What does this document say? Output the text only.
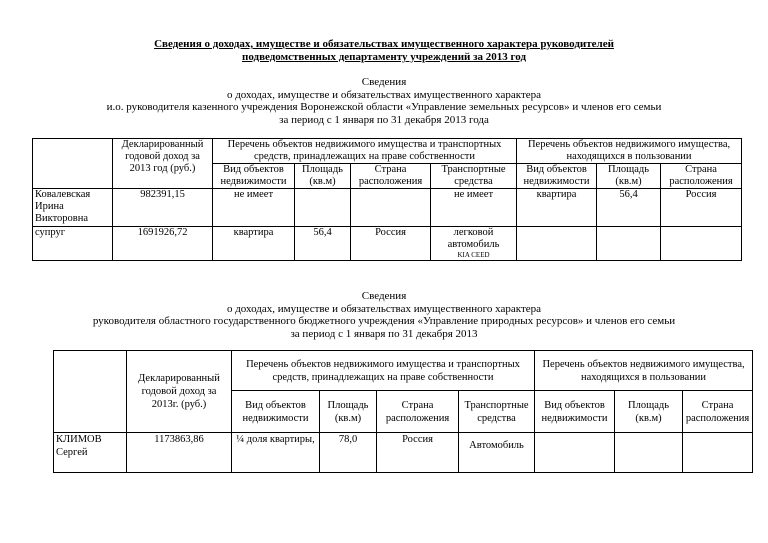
Сведения о доходах, имуществе и обязательствах имущественного характера руководителей
подведомственных департаменту учреждений за 2013 год
Сведения
о доходах, имуществе и обязательствах имущественного характера
и.о. руководителя казенного учреждения Воронежской области «Управление земельных ресурсов» и членов его семьи
за период с 1 января по 31 декабря 2013 года
	Декларированный годовой доход за 2013 год (руб.)	Перечень объектов недвижимого имущества и транспортных средств, принадлежащих на праве собственности				Перечень объектов недвижимого имущества, находящихся в пользовании		
		Вид объектов недвижимости	Площадь (кв.м)	Страна расположения	Транспортные средства	Вид объектов недвижимости	Площадь (кв.м)	Страна расположения
Ковалевская Ирина Викторовна	982391,15	не имеет			не имеет	квартира	56,4	Россия
супруг	1691926,72	квартира	56,4	Россия	легковой автомобиль
KIA CEED			

Сведения
о доходах, имуществе и обязательствах имущественного характера
руководителя областного государственного бюджетного учреждения «Управление природных ресурсов» и членов его семьи
за период с 1 января по 31 декабря 2013
	Декларированный годовой доход за 2013г. (руб.)	Перечень объектов недвижимого имущества и транспортных средств, принадлежащих на праве собственности				Перечень объектов недвижимого имущества, находящихся в пользовании		
		Вид объектов недвижимости	Площадь (кв.м)	Страна расположения	Транспортные средства	Вид объектов недвижимости	Площадь (кв.м)	Страна расположения
КЛИМОВ Сергей	1173863,86	¼ доля квартиры,	78,0	Россия	Автомобиль			
